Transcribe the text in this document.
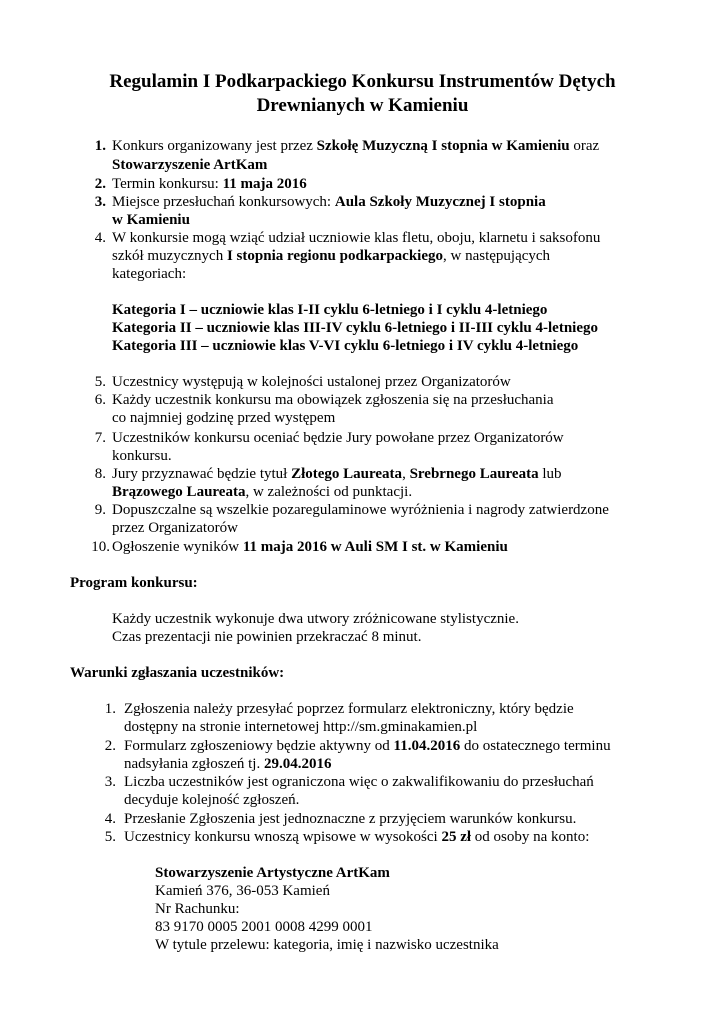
Regulamin I Podkarpackiego Konkursu Instrumentów Dętych
Drewnianych w Kamieniu
1. Konkurs organizowany jest przez Szkołę Muzyczną I stopnia w Kamieniu oraz
Stowarzyszenie ArtKam
2. Termin konkursu: 11 maja 2016
3. Miejsce przesłuchań konkursowych: Aula Szkoły Muzycznej I stopnia
w Kamieniu
4. W konkursie mogą wziąć udział uczniowie klas fletu, oboju, klarnetu i saksofonu
szkół muzycznych I stopnia regionu podkarpackiego, w następujących
kategoriach:
Kategoria I – uczniowie klas I-II cyklu 6-letniego i I cyklu 4-letniego
Kategoria II – uczniowie klas III-IV cyklu 6-letniego i II-III cyklu 4-letniego
Kategoria III – uczniowie klas V-VI cyklu 6-letniego i IV cyklu 4-letniego
5. Uczestnicy występują w kolejności ustalonej przez Organizatorów
6. Każdy uczestnik konkursu ma obowiązek zgłoszenia się na przesłuchania
co najmniej godzinę przed występem
7. Uczestników konkursu oceniać będzie Jury powołane przez Organizatorów
konkursu.
8. Jury przyznawać będzie tytuł Złotego Laureata, Srebrnego Laureata lub
Brązowego Laureata, w zależności od punktacji.
9. Dopuszczalne są wszelkie pozaregulaminowe wyróżnienia i nagrody zatwierdzone
przez Organizatorów
10. Ogłoszenie wyników 11 maja 2016 w Auli SM I st. w Kamieniu
Program konkursu:
Każdy uczestnik wykonuje dwa utwory zróżnicowane stylistycznie.
Czas prezentacji nie powinien przekraczać 8 minut.
Warunki zgłaszania uczestników:
1. Zgłoszenia należy przesyłać poprzez formularz elektroniczny, który będzie
dostępny na stronie internetowej http://sm.gminakamien.pl
2. Formularz zgłoszeniowy będzie aktywny od 11.04.2016 do ostatecznego terminu
nadsyłania zgłoszeń tj. 29.04.2016
3. Liczba uczestników jest ograniczona więc o zakwalifikowaniu do przesłuchań
decyduje kolejność zgłoszeń.
4. Przesłanie Zgłoszenia jest jednoznaczne z przyjęciem warunków konkursu.
5. Uczestnicy konkursu wnoszą wpisowe w wysokości 25 zł od osoby na konto:
Stowarzyszenie Artystyczne ArtKam
Kamień 376, 36-053 Kamień
Nr Rachunku:
83 9170 0005 2001 0008 4299 0001
W tytule przelewu: kategoria, imię i nazwisko uczestnika
